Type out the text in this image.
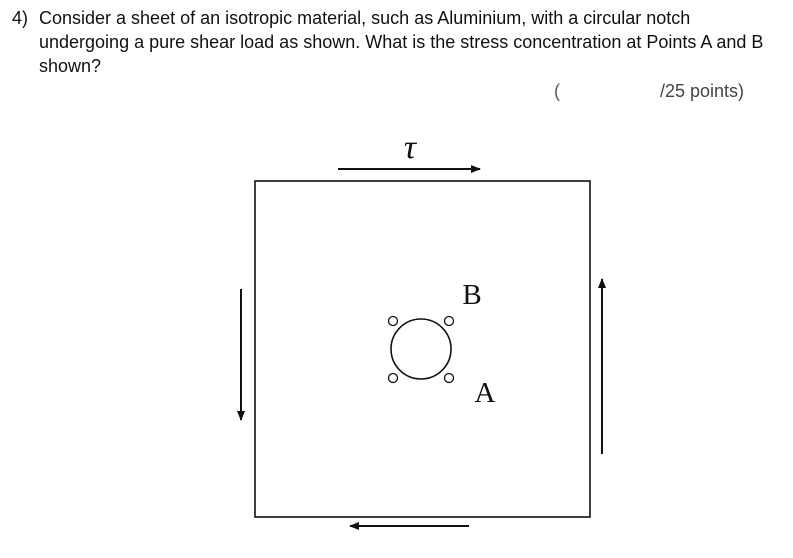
4) Consider a sheet of an isotropic material, such as Aluminium, with a circular notch undergoing a pure shear load as shown. What is the stress concentration at Points A and B shown?
(	/25 points)
τ
B
A
